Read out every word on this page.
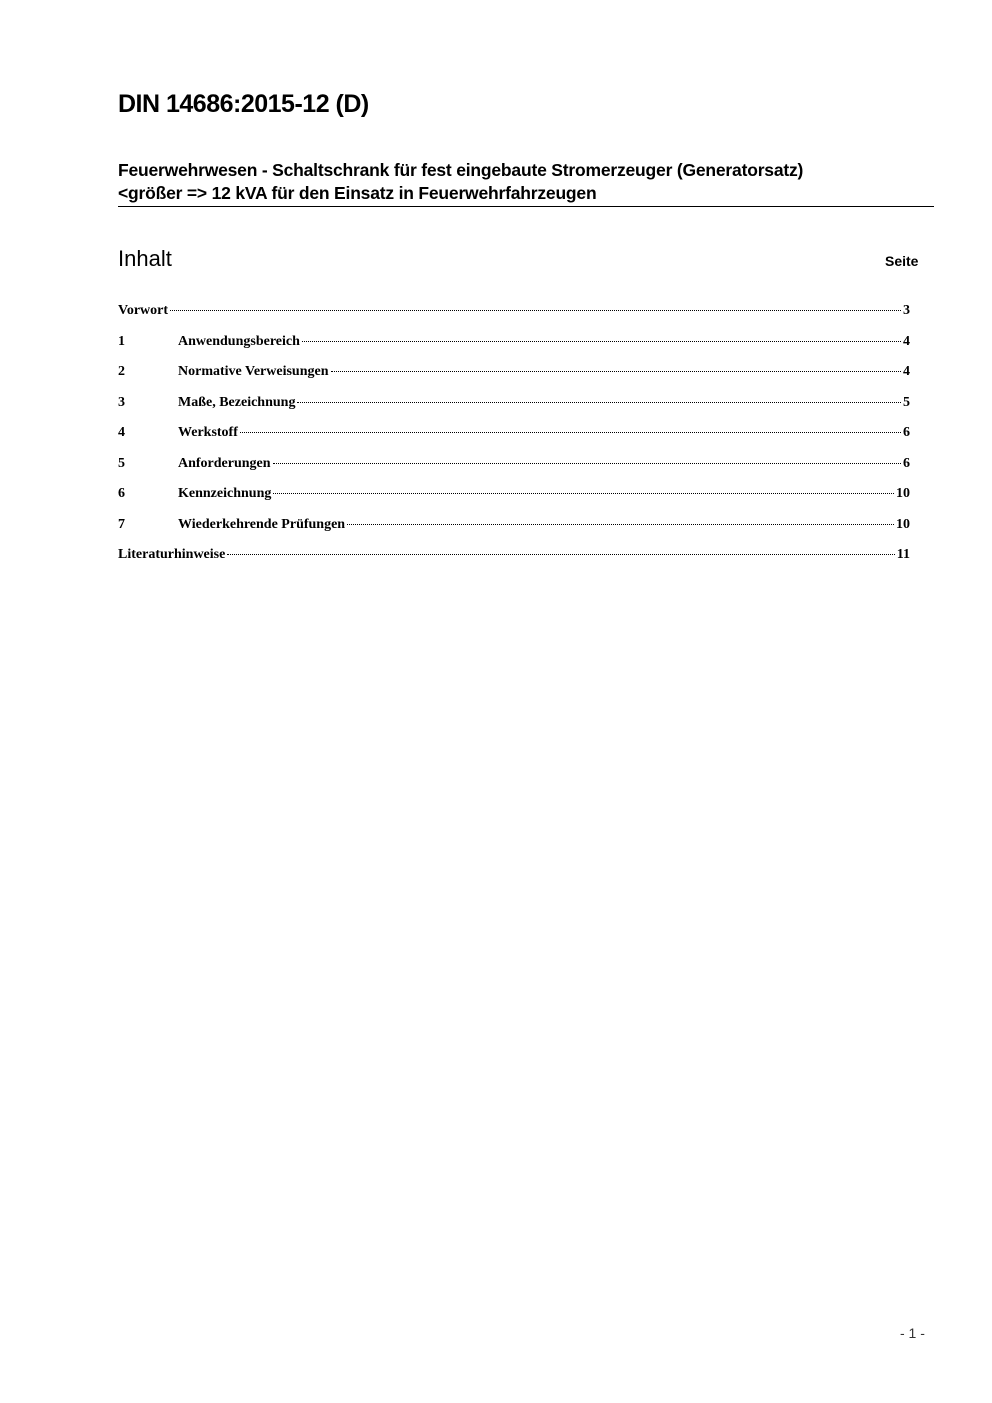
DIN 14686:2015-12 (D)
Feuerwehrwesen - Schaltschrank für fest eingebaute Stromerzeuger (Generatorsatz)
<größer => 12 kVA für den Einsatz in Feuerwehrfahrzeugen
Inhalt	Seite
Vorwort	3
1	Anwendungsbereich	4
2	Normative Verweisungen	4
3	Maße, Bezeichnung	5
4	Werkstoff	6
5	Anforderungen	6
6	Kennzeichnung	10
7	Wiederkehrende Prüfungen	10
Literaturhinweise	11
- 1 -
